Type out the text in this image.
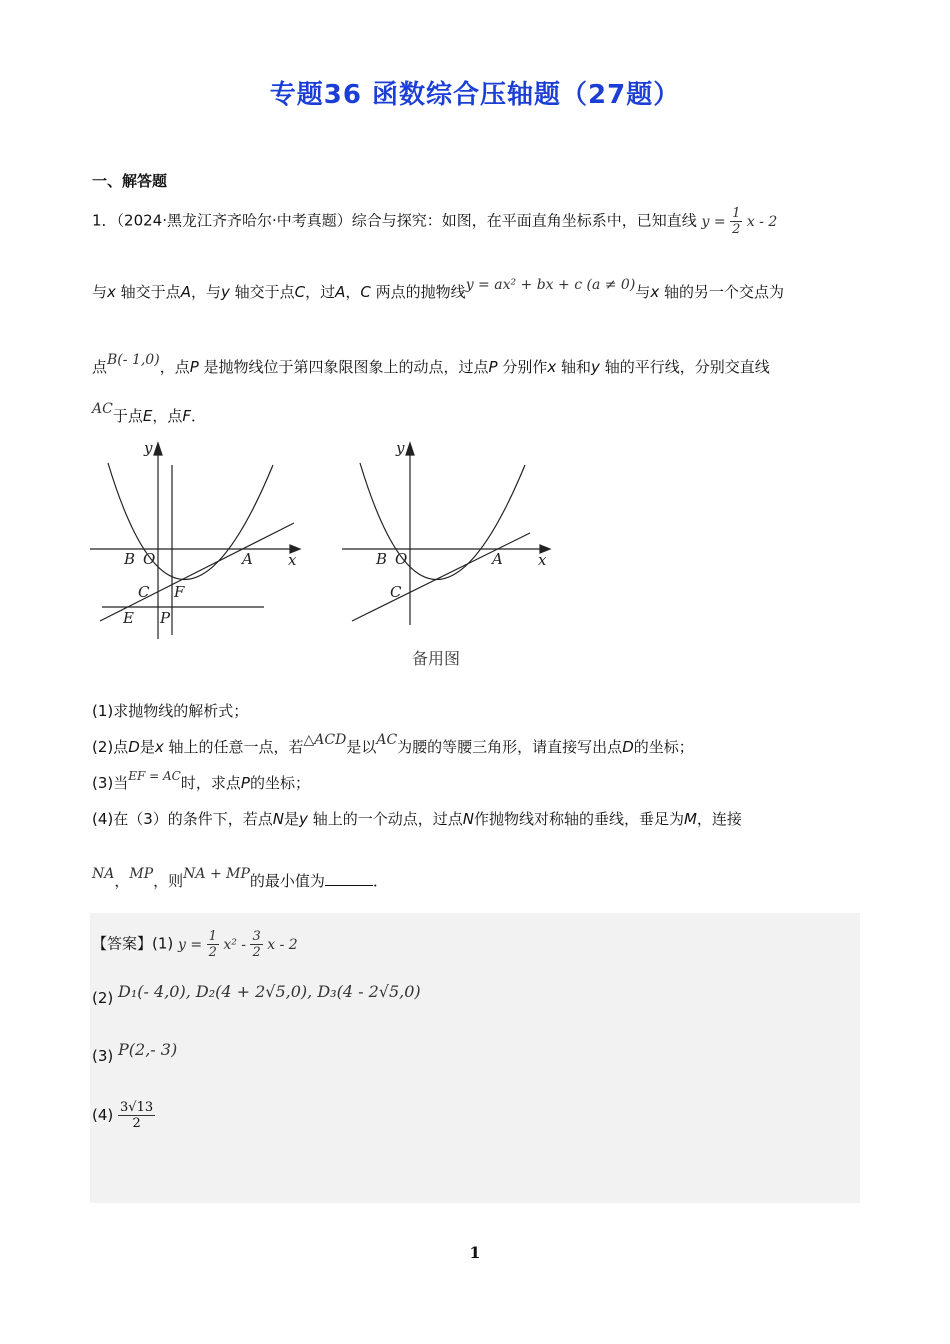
专题36 函数综合压轴题（27题）
一、解答题
1．（2024·黑龙江齐齐哈尔·中考真题）综合与探究：如图，在平面直角坐标系中，已知直线 $y = \frac{1}{2}$ x - 2
与x 轴交于点A，与y 轴交于点C，过A，C 两点的抛物线y = ax² + bx + c (a ≠ 0)与x 轴的另一个交点为
点B(- 1,0)，点P 是抛物线位于第四象限图象上的动点，过点P 分别作x 轴和y 轴的平行线，分别交直线
AC于点E，点F．
y
x
B O	A
C F
E P
y
x
B O	A
C
备用图
(1)求抛物线的解析式；
(2)点D是x 轴上的任意一点，若△ACD是以AC为腰的等腰三角形，请直接写出点D的坐标；
(3)当$^{EF = AC}$时，求点P的坐标；
(4)在（3）的条件下，若点N是y 轴上的一个动点，过点N作抛物线对称轴的垂线，垂足为M，连接
NA，MP，则NA + MP的最小值为	．
【答案】(1) $y = \frac{1}{2} x^2 - \frac{3}{2}$ x - 2
(2) D₁(- 4,0), D₂(4 + 2√5,0), D₃(4 - 2√5,0)
(3) P(2,- 3)
$(4) \frac{3√13}{2}$
1
